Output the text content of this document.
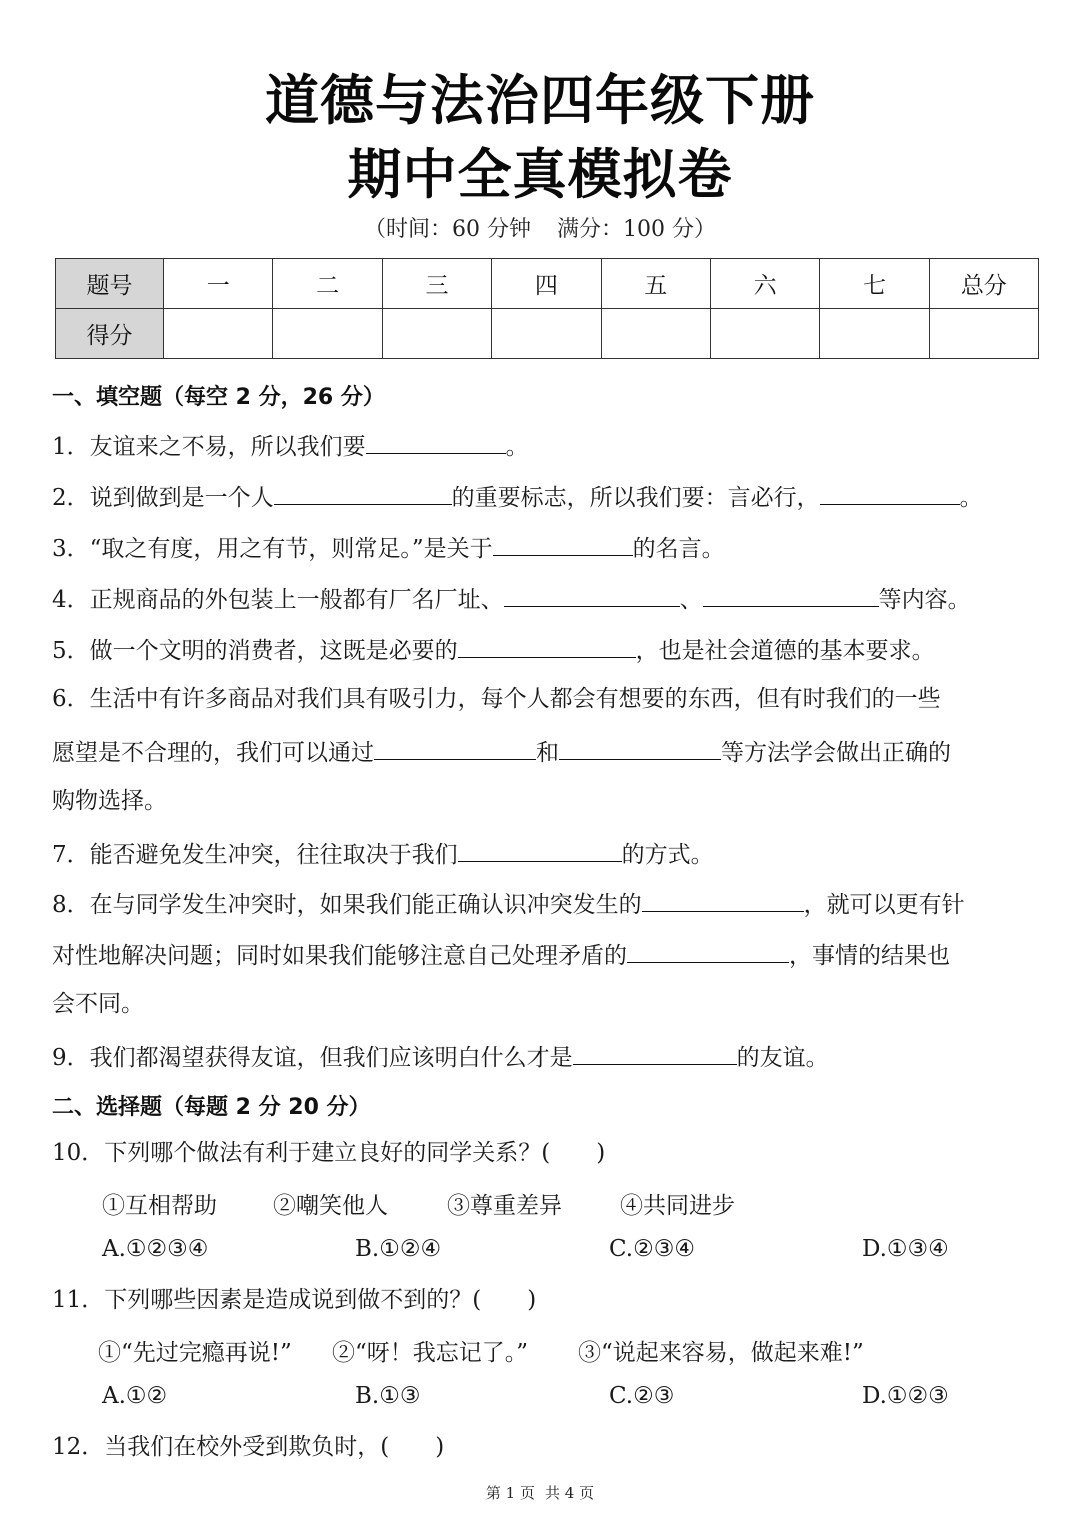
道德与法治四年级下册
期中全真模拟卷
（时间：60 分钟 满分：100 分）
题号	一	二	三	四	五	六	七	总分
得分								
一、填空题（每空 2 分，26 分）
1．友谊来之不易，所以我们要	。
2．说到做到是一个人	的重要标志，所以我们要：言必行，	。
3．“取之有度，用之有节，则常足。”是关于	的名言。
4．正规商品的外包装上一般都有厂名厂址、	、	等内容。
5．做一个文明的消费者，这既是必要的	，也是社会道德的基本要求。
6．生活中有许多商品对我们具有吸引力，每个人都会有想要的东西，但有时我们的一些
愿望是不合理的，我们可以通过	和	等方法学会做出正确的
购物选择。
7．能否避免发生冲突，往往取决于我们	的方式。
8．在与同学发生冲突时，如果我们能正确认识冲突发生的	，就可以更有针
对性地解决问题；同时如果我们能够注意自己处理矛盾的	，事情的结果也
会不同。
9．我们都渴望获得友谊，但我们应该明白什么才是	的友谊。
二、选择题（每题 2 分 20 分）
10．下列哪个做法有利于建立良好的同学关系？(　　)
①互相帮助 ②嘲笑他人	③尊重差异	④共同进步
A.①②③④	B.①②④	C.②③④	D.①③④
11．下列哪些因素是造成说到做不到的？(　　)
①“先过完瘾再说!” ②“呀！我忘记了。” ③“说起来容易，做起来难!”
A.①②	B.①③	C.②③	D.①②③
12．当我们在校外受到欺负时，(　　)
第 1 页 共 4 页
